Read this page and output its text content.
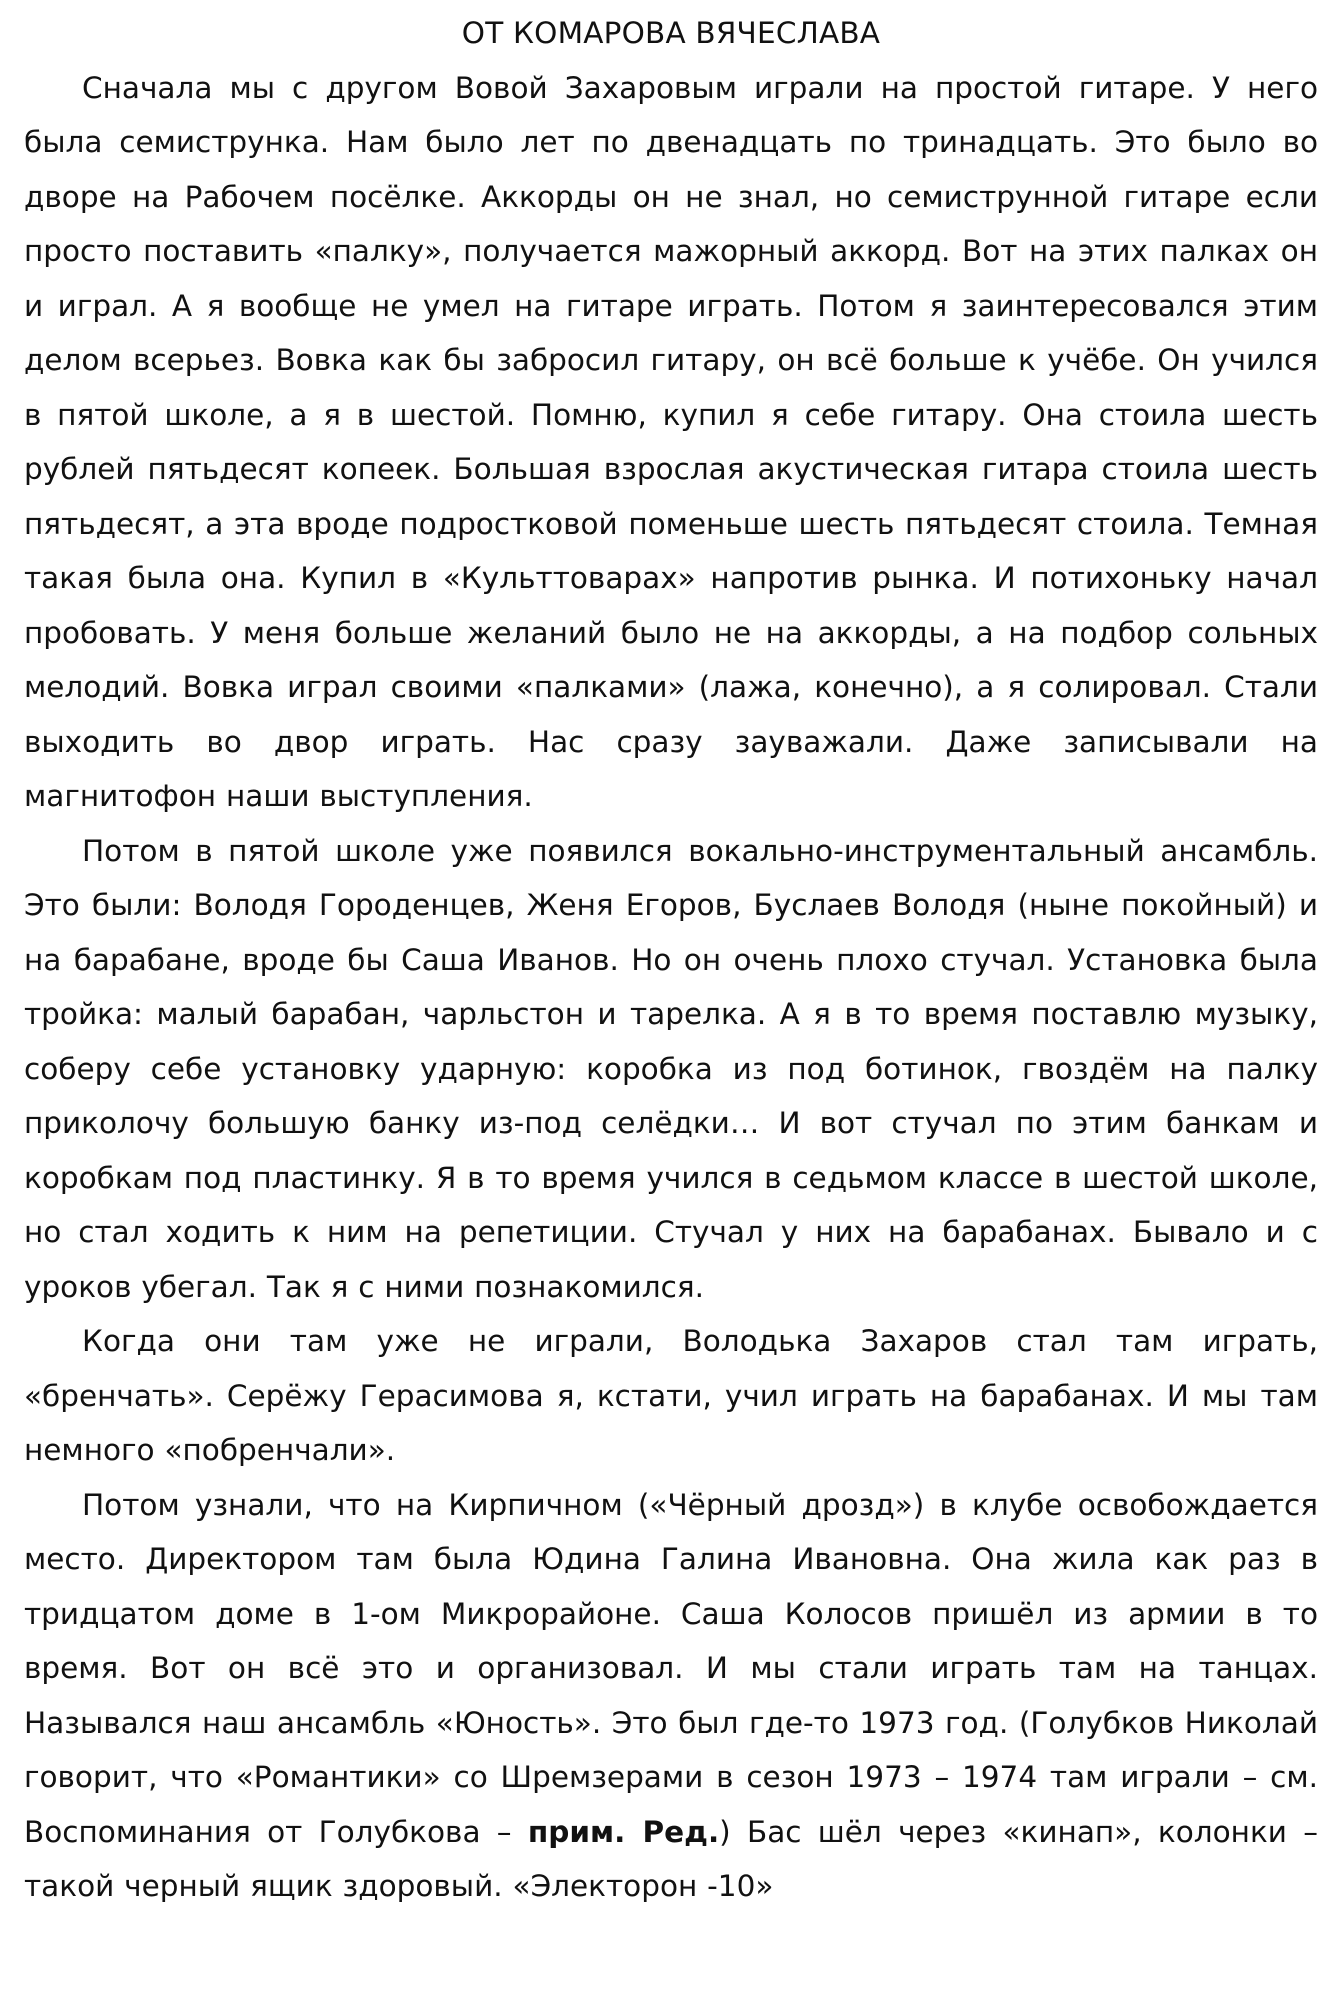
ОТ КОМАРОВА ВЯЧЕСЛАВА

Сначала мы с другом Вовой Захаровым играли на простой гитаре. У него была семиструнка. Нам было лет по двенадцать по тринадцать. Это было во дворе на Рабочем посёлке. Аккорды он не знал, но семиструнной гитаре если просто поставить «палку», получается мажорный аккорд. Вот на этих палках он и играл. А я вообще не умел на гитаре играть. Потом я заинтересовался этим делом всерьез. Вовка как бы забросил гитару, он всё больше к учёбе. Он учился в пятой школе, а я в шестой. Помню, купил я себе гитару. Она стоила шесть рублей пятьдесят копеек. Большая взрослая акустическая гитара стоила шесть пятьдесят, а эта вроде подростковой поменьше шесть пятьдесят стоила. Темная такая была она. Купил в «Культтоварах» напротив рынка. И потихоньку начал пробовать. У меня больше желаний было не на аккорды, а на подбор сольных мелодий. Вовка играл своими «палками» (лажа, конечно), а я солировал. Стали выходить во двор играть. Нас сразу зауважали. Даже записывали на магнитофон наши выступления.

Потом в пятой школе уже появился вокально-инструментальный ансамбль. Это были: Володя Городенцев, Женя Егоров, Буслаев Володя (ныне покойный) и на барабане, вроде бы Саша Иванов. Но он очень плохо стучал. Установка была тройка: малый барабан, чарльстон и тарелка. А я в то время поставлю музыку, соберу себе установку ударную: коробка из под ботинок, гвоздём на палку приколочу большую банку из-под селёдки… И вот стучал по этим банкам и коробкам под пластинку. Я в то время учился в седьмом классе в шестой школе, но стал ходить к ним на репетиции. Стучал у них на барабанах. Бывало и с уроков убегал. Так я с ними познакомился.

Когда они там уже не играли, Володька Захаров стал там играть, «бренчать». Серёжу Герасимова я, кстати, учил играть на барабанах. И мы там немного «побренчали».

Потом узнали, что на Кирпичном («Чёрный дрозд») в клубе освобождается место. Директором там была Юдина Галина Ивановна. Она жила как раз в тридцатом доме в 1-ом Микрорайоне. Саша Колосов пришёл из армии в то время. Вот он всё это и организовал. И мы стали играть там на танцах. Назывался наш ансамбль «Юность». Это был где-то 1973 год. (Голубков Николай говорит, что «Романтики» со Шремзерами в сезон 1973 – 1974 там играли – см. Воспоминания от Голубкова – прим. Ред.) Бас шёл через «кинап», колонки – такой черный ящик здоровый. «Электорон -10»
